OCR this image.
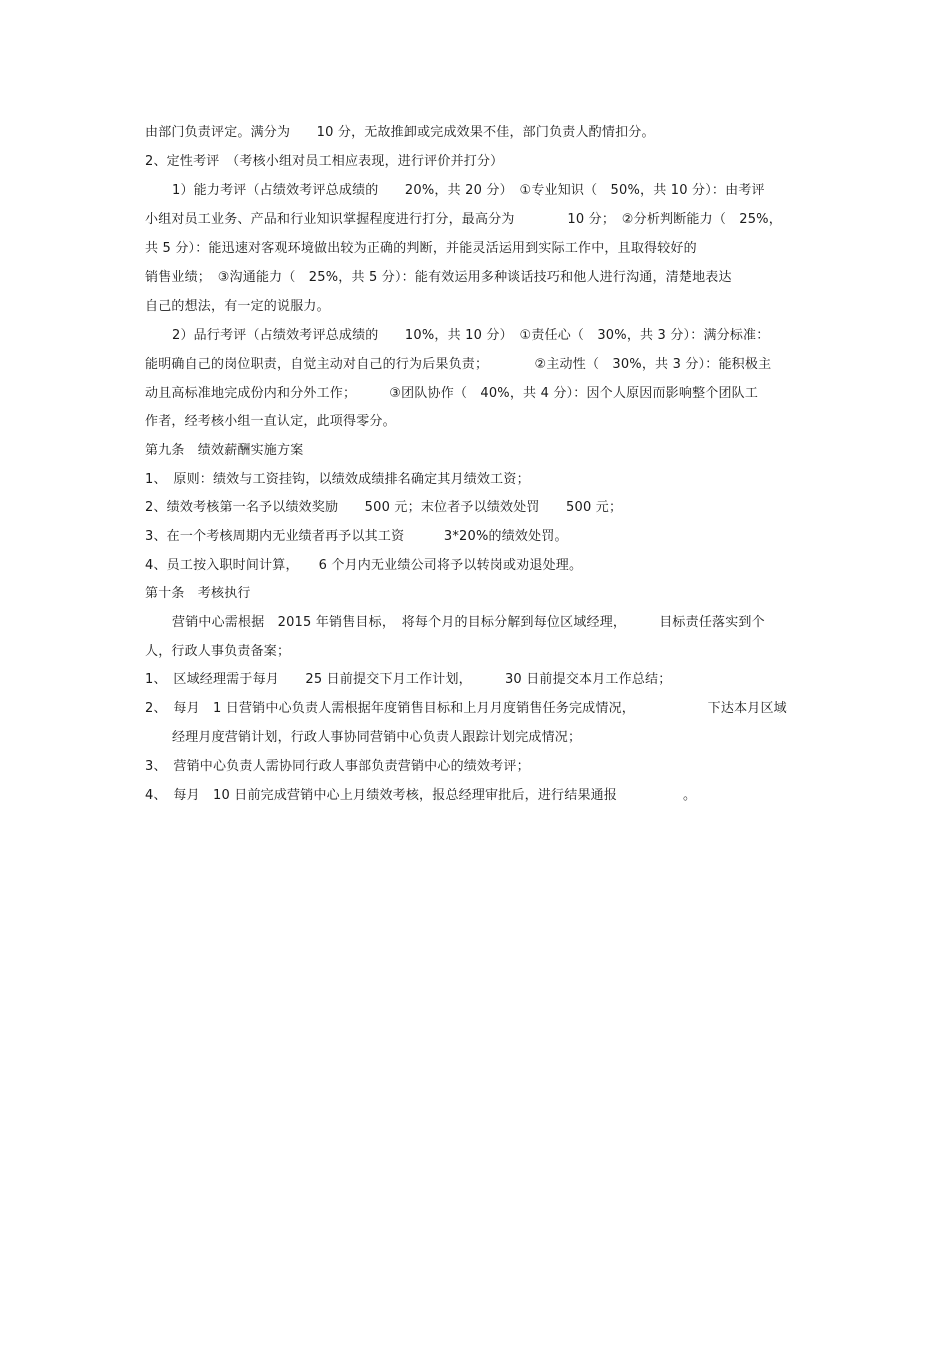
由部门负责评定。满分为　　10 分，无故推卸或完成效果不佳，部门负责人酌情扣分。
2、定性考评　（考核小组对员工相应表现，进行评价并打分）
1）能力考评（占绩效考评总成绩的　　20%，共 20 分）　①专业知识（　50%，共 10 分）：由考评
小组对员工业务、产品和行业知识掌握程度进行打分，最高分为　　　　10 分；　②分析判断能力（　25%，
共 5 分）：能迅速对客观环境做出较为正确的判断，并能灵活运用到实际工作中，且取得较好的
销售业绩；　③沟通能力（　25%，共 5 分）：能有效运用多种谈话技巧和他人进行沟通，清楚地表达
自己的想法，有一定的说服力。
2）品行考评（占绩效考评总成绩的　　10%，共 10 分）　①责任心（　30%，共 3 分）：满分标准：
能明确自己的岗位职责，自觉主动对自己的行为后果负责；　　　　②主动性（　30%，共 3 分）：能积极主
动且高标准地完成份内和分外工作；　　　③团队协作（　40%，共 4 分）：因个人原因而影响整个团队工
作者，经考核小组一直认定，此项得零分。
第九条　绩效薪酬实施方案
1、　原则：绩效与工资挂钩，以绩效成绩排名确定其月绩效工资；
2、绩效考核第一名予以绩效奖励　　500 元；末位者予以绩效处罚　　500 元；
3、在一个考核周期内无业绩者再予以其工资　　　3*20%的绩效处罚。
4、员工按入职时间计算，　　6 个月内无业绩公司将予以转岗或劝退处理。
第十条　考核执行
营销中心需根据　2015 年销售目标，　将每个月的目标分解到每位区域经理，　　　目标责任落实到个
人，行政人事负责备案；
1、　区域经理需于每月　　25 日前提交下月工作计划，　　　30 日前提交本月工作总结；
2、　每月　1 日营销中心负责人需根据年度销售目标和上月月度销售任务完成情况，　　　　　　下达本月区域
经理月度营销计划，行政人事协同营销中心负责人跟踪计划完成情况；
3、　营销中心负责人需协同行政人事部负责营销中心的绩效考评；
4、　每月　10 日前完成营销中心上月绩效考核，报总经理审批后，进行结果通报　　　　　。
